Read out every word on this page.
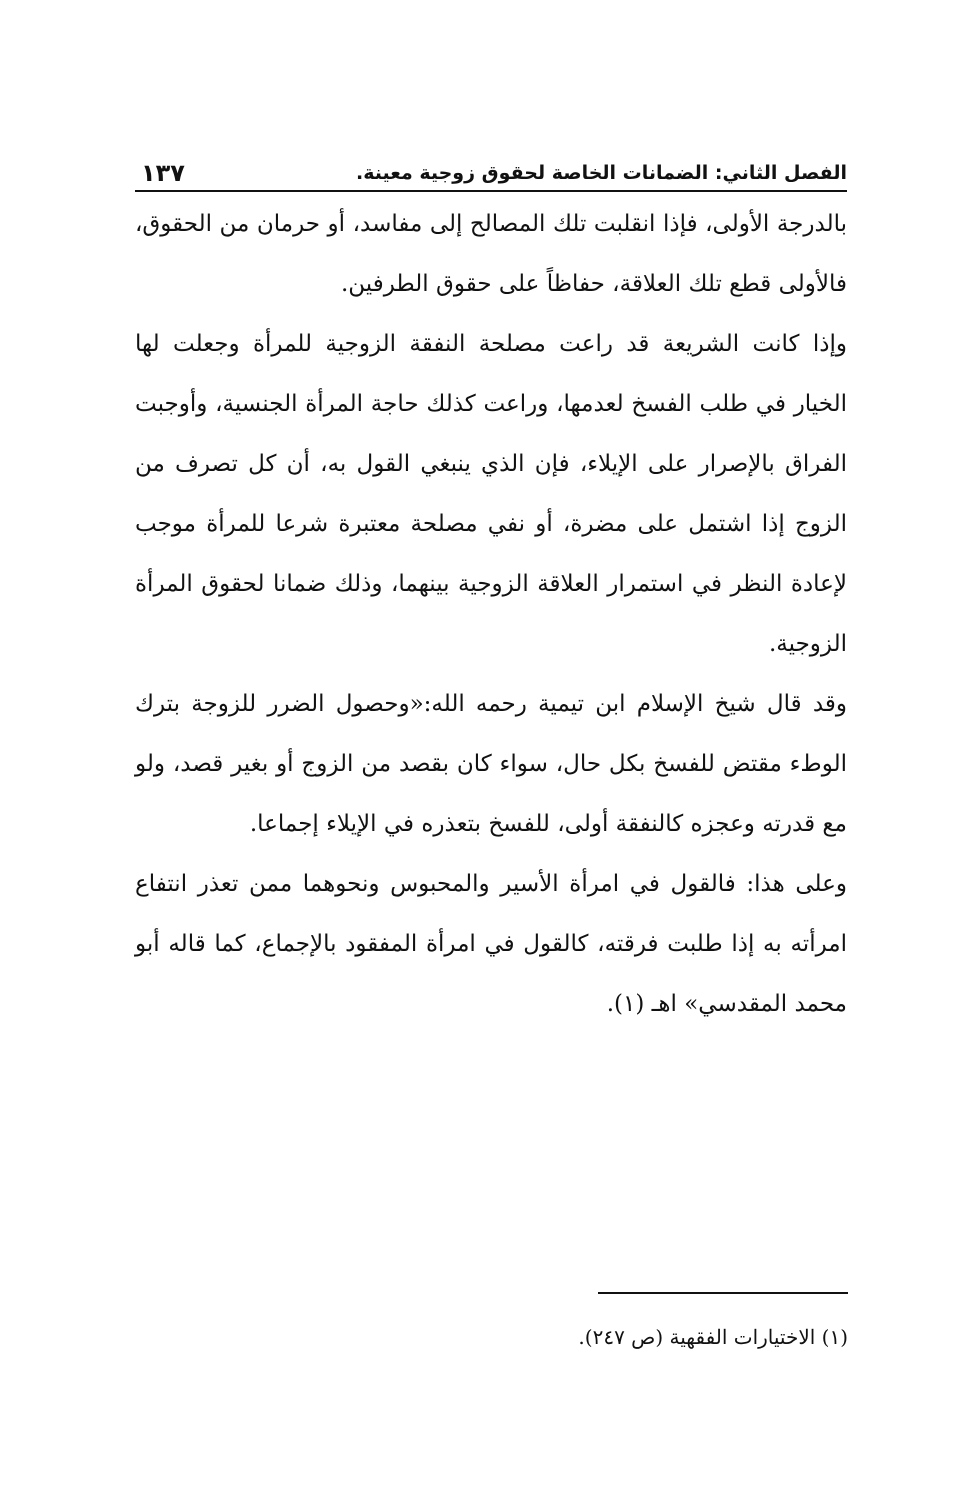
الفصل الثاني: الضمانات الخاصة لحقوق زوجية معينة.
١٣٧

بالدرجة الأولى، فإذا انقلبت تلك المصالح إلى مفاسد، أو حرمان من الحقوق، فالأولى قطع تلك العلاقة، حفاظاً على حقوق الطرفين.

وإذا كانت الشريعة قد راعت مصلحة النفقة الزوجية للمرأة وجعلت لها الخيار في طلب الفسخ لعدمها، وراعت كذلك حاجة المرأة الجنسية، وأوجبت الفراق بالإصرار على الإيلاء، فإن الذي ينبغي القول به، أن كل تصرف من الزوج إذا اشتمل على مضرة، أو نفي مصلحة معتبرة شرعا للمرأة موجب لإعادة النظر في استمرار العلاقة الزوجية بينهما، وذلك ضمانا لحقوق المرأة الزوجية.

وقد قال شيخ الإسلام ابن تيمية رحمه الله:«وحصول الضرر للزوجة بترك الوطء مقتض للفسخ بكل حال، سواء كان بقصد من الزوج أو بغير قصد، ولو مع قدرته وعجزه كالنفقة أولى، للفسخ بتعذره في الإيلاء إجماعا.

وعلى هذا: فالقول في امرأة الأسير والمحبوس ونحوهما ممن تعذر انتفاع امرأته به إذا طلبت فرقته، كالقول في امرأة المفقود بالإجماع، كما قاله أبو محمد المقدسي» اهـ (١).

(١) الاختيارات الفقهية (ص ٢٤٧).
